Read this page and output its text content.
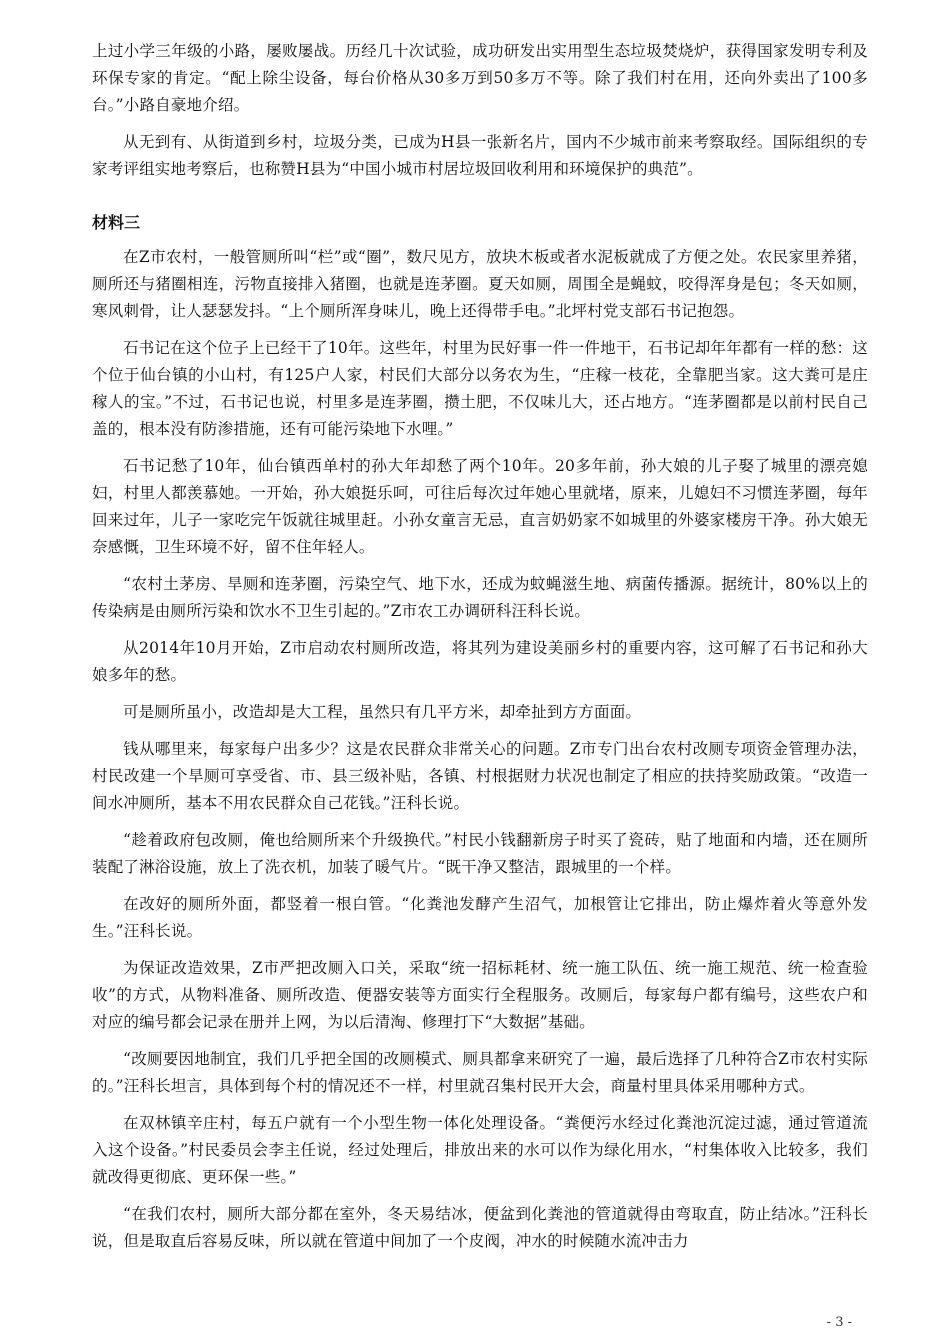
上过小学三年级的小路，屡败屡战。历经几十次试验，成功研发出实用型生态垃圾焚烧炉，获得国家发明专利及环保专家的肯定。“配上除尘设备，每台价格从30多万到50多万不等。除了我们村在用，还向外卖出了100多台。”小路自豪地介绍。

从无到有、从街道到乡村，垃圾分类，已成为H县一张新名片，国内不少城市前来考察取经。国际组织的专家考评组实地考察后，也称赞H县为“中国小城市村居垃圾回收利用和环境保护的典范”。

材料三

在Z市农村，一般管厕所叫“栏”或“圈”，数尺见方，放块木板或者水泥板就成了方便之处。农民家里养猪，厕所还与猪圈相连，污物直接排入猪圈，也就是连茅圈。夏天如厕，周围全是蝇蚊，咬得浑身是包；冬天如厕，寒风刺骨，让人瑟瑟发抖。“上个厕所浑身味儿，晚上还得带手电。”北坪村党支部石书记抱怨。

石书记在这个位子上已经干了10年。这些年，村里为民好事一件一件地干，石书记却年年都有一样的愁：这个位于仙台镇的小山村，有125户人家，村民们大部分以务农为生，“庄稼一枝花，全靠肥当家。这大粪可是庄稼人的宝。”不过，石书记也说，村里多是连茅圈，攒土肥，不仅味儿大，还占地方。“连茅圈都是以前村民自己盖的，根本没有防渗措施，还有可能污染地下水哩。”

石书记愁了10年，仙台镇西单村的孙大年却愁了两个10年。20多年前，孙大娘的儿子娶了城里的漂亮媳妇，村里人都羡慕她。一开始，孙大娘挺乐呵，可往后每次过年她心里就堵，原来，儿媳妇不习惯连茅圈，每年回来过年，儿子一家吃完午饭就往城里赶。小孙女童言无忌，直言奶奶家不如城里的外婆家楼房干净。孙大娘无奈感慨，卫生环境不好，留不住年轻人。

“农村土茅房、旱厕和连茅圈，污染空气、地下水，还成为蚊蝇滋生地、病菌传播源。据统计，80%以上的传染病是由厕所污染和饮水不卫生引起的。”Z市农工办调研科汪科长说。

从2014年10月开始，Z市启动农村厕所改造，将其列为建设美丽乡村的重要内容，这可解了石书记和孙大娘多年的愁。

可是厕所虽小，改造却是大工程，虽然只有几平方米，却牵扯到方方面面。

钱从哪里来，每家每户出多少？这是农民群众非常关心的问题。Z市专门出台农村改厕专项资金管理办法，村民改建一个旱厕可享受省、市、县三级补贴，各镇、村根据财力状况也制定了相应的扶持奖励政策。“改造一间水冲厕所，基本不用农民群众自己花钱。”汪科长说。

“趁着政府包改厕，俺也给厕所来个升级换代。”村民小钱翻新房子时买了瓷砖，贴了地面和内墙，还在厕所装配了淋浴设施，放上了洗衣机，加装了暖气片。“既干净又整洁，跟城里的一个样。

在改好的厕所外面，都竖着一根白管。“化粪池发酵产生沼气，加根管让它排出，防止爆炸着火等意外发生。”汪科长说。

为保证改造效果，Z市严把改厕入口关，采取“统一招标耗材、统一施工队伍、统一施工规范、统一检查验收”的方式，从物料准备、厕所改造、便器安装等方面实行全程服务。改厕后，每家每户都有编号，这些农户和对应的编号都会记录在册并上网，为以后清淘、修理打下“大数据”基础。

“改厕要因地制宜，我们几乎把全国的改厕模式、厕具都拿来研究了一遍，最后选择了几种符合Z市农村实际的。”汪科长坦言，具体到每个村的情况还不一样，村里就召集村民开大会，商量村里具体采用哪种方式。

在双林镇辛庄村，每五户就有一个小型生物一体化处理设备。“粪便污水经过化粪池沉淀过滤，通过管道流入这个设备。”村民委员会李主任说，经过处理后，排放出来的水可以作为绿化用水，“村集体收入比较多，我们就改得更彻底、更环保一些。”

“在我们农村，厕所大部分都在室外，冬天易结冰，便盆到化粪池的管道就得由弯取直，防止结冰。”汪科长说，但是取直后容易反味，所以就在管道中间加了一个皮阀，冲水的时候随水流冲击力

- 3 -
